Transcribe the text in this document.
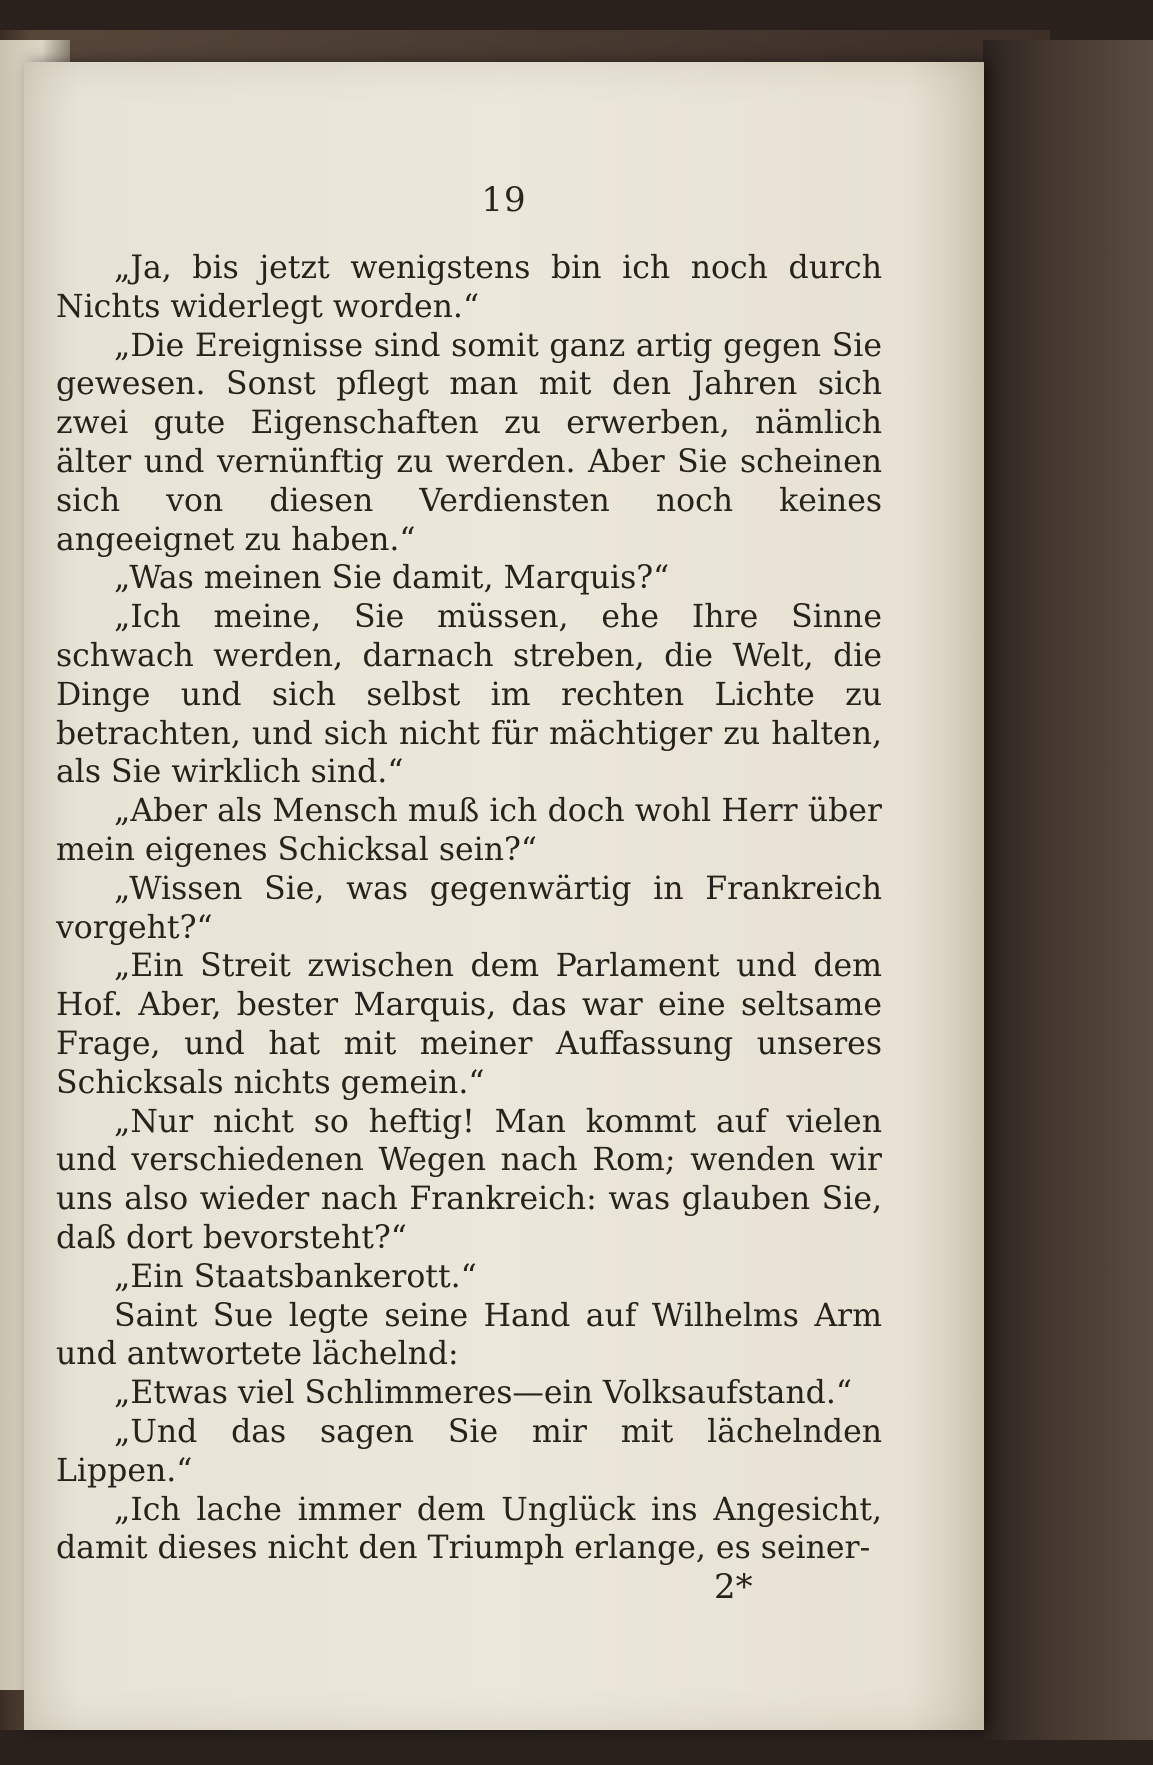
19

„Ja, bis jetzt wenigstens bin ich noch durch Nichts widerlegt worden.“

„Die Ereignisse sind somit ganz artig gegen Sie gewesen. Sonst pflegt man mit den Jahren sich zwei gute Eigenschaften zu erwerben, nämlich älter und vernünftig zu werden. Aber Sie scheinen sich von diesen Verdiensten noch keines angeeignet zu haben.“

„Was meinen Sie damit, Marquis?“

„Ich meine, Sie müssen, ehe Ihre Sinne schwach werden, darnach streben, die Welt, die Dinge und sich selbst im rechten Lichte zu betrachten, und sich nicht für mächtiger zu halten, als Sie wirklich sind.“

„Aber als Mensch muß ich doch wohl Herr über mein eigenes Schicksal sein?“

„Wissen Sie, was gegenwärtig in Frankreich vorgeht?“

„Ein Streit zwischen dem Parlament und dem Hof. Aber, bester Marquis, das war eine seltsame Frage, und hat mit meiner Auffassung unseres Schicksals nichts gemein.“

„Nur nicht so heftig! Man kommt auf vielen und verschiedenen Wegen nach Rom; wenden wir uns also wieder nach Frankreich: was glauben Sie, daß dort bevorsteht?“

„Ein Staatsbankerott.“

Saint Sue legte seine Hand auf Wilhelms Arm und antwortete lächelnd:

„Etwas viel Schlimmeres—ein Volksaufstand.“

„Und das sagen Sie mir mit lächelnden Lippen.“

„Ich lache immer dem Unglück ins Angesicht, damit dieses nicht den Triumph erlange, es seiner-

2*
